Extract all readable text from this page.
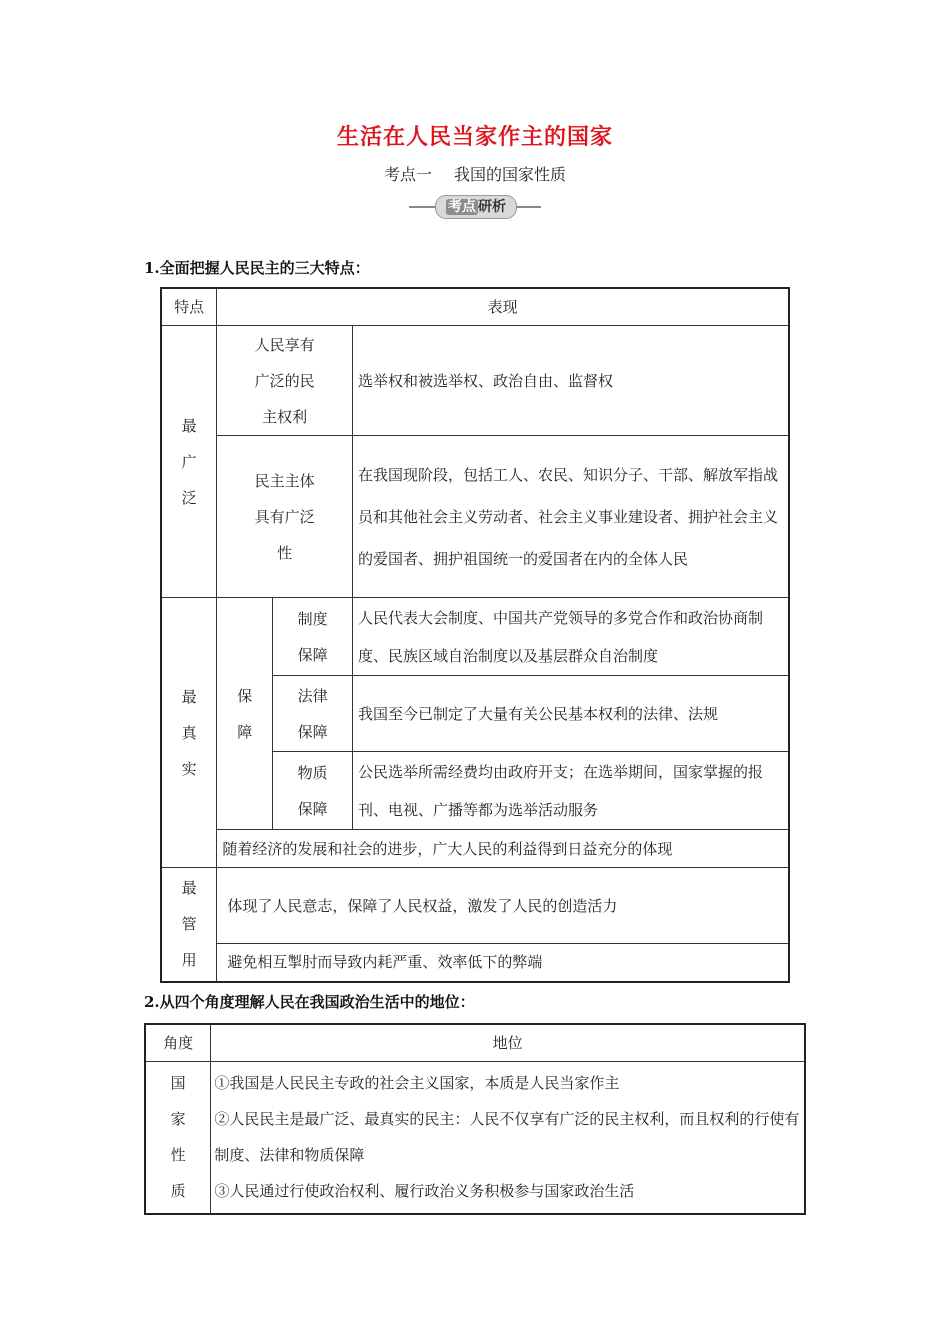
生活在人民当家作主的国家
考点一 我国的国家性质
考点 研析
1.全面把握人民民主的三大特点：
特点	表现		

最广泛	人民享有广泛的民主权利		选举权和被选举权、政治自由、监督权

	民主主体具有广泛性		在我国现阶段，包括工人、农民、知识分子、干部、解放军指战员和其他社会主义劳动者、社会主义事业建设者、拥护社会主义的爱国者、拥护祖国统一的爱国者在内的全体人民

最真实	保障	制度保障	人民代表大会制度、中国共产党领导的多党合作和政治协商制度、民族区域自治制度以及基层群众自治制度

		法律保障	我国至今已制定了大量有关公民基本权利的法律、法规

		物质保障	公民选举所需经费均由政府开支；在选举期间，国家掌握的报刊、电视、广播等都为选举活动服务
	随着经济的发展和社会的进步，广大人民的利益得到日益充分的体现		

最管用	体现了人民意志，保障了人民权益，激发了人民的创造活力		
	避免相互掣肘而导致内耗严重、效率低下的弊端		
2.从四个角度理解人民在我国政治生活中的地位：
角度	地位

国家性质	①我国是人民民主专政的社会主义国家，本质是人民当家作主
②人民民主是最广泛、最真实的民主：人民不仅享有广泛的民主权利，而且权利的行使有制度、法律和物质保障
③人民通过行使政治权利、履行政治义务积极参与国家政治生活
